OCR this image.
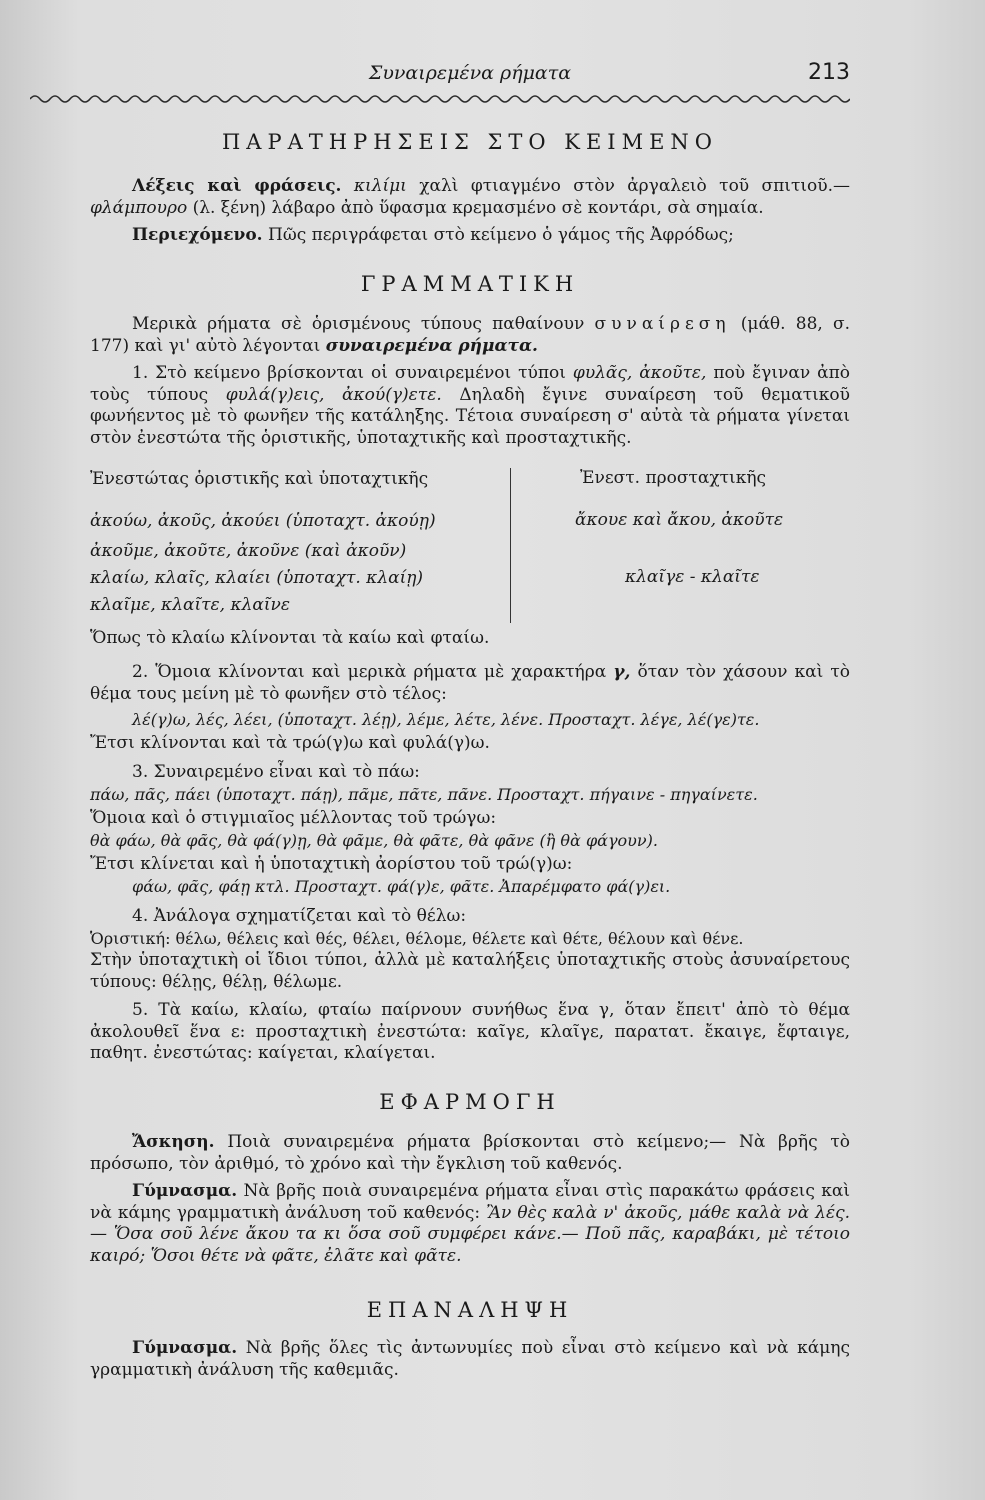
Συναιρεμένα ρήματα	213
ΠΑΡΑΤΗΡΗΣΕΙΣ ΣΤΟ ΚΕΙΜΕΝΟ

Λέξεις καὶ φράσεις. κιλίμι χαλὶ φτιαγμένο στὸν ἀργαλειὸ τοῦ σπιτιοῦ.— φλάμπουρο (λ. ξένη) λάβαρο ἀπὸ ὕφασμα κρεμασμένο σὲ κοντάρι, σὰ σημαία.

Περιεχόμενο. Πῶς περιγράφεται στὸ κείμενο ὁ γάμος τῆς Ἀφρόδως;

ΓΡΑΜΜΑΤΙΚΗ

Μερικὰ ρήματα σὲ ὁρισμένους τύπους παθαίνουν συναίρεση (μάθ. 88, σ. 177) καὶ γι' αὐτὸ λέγονται συναιρεμένα ρήματα.

1. Στὸ κείμενο βρίσκονται οἱ συναιρεμένοι τύποι φυλᾶς, ἀκοῦτε, ποὺ ἔγιναν ἀπὸ τοὺς τύπους φυλά(γ)εις, ἀκού(γ)ετε. Δηλαδὴ ἔγινε συναίρεση τοῦ θεματικοῦ φωνήεντος μὲ τὸ φωνῆεν τῆς κατάληξης. Τέτοια συναίρεση σ' αὐτὰ τὰ ρήματα γίνεται στὸν ἐνεστώτα τῆς ὁριστικῆς, ὑποταχτικῆς καὶ προσταχτικῆς.

Ἐνεστώτας ὁριστικῆς καὶ ὑποταχτικῆς
ἀκούω, ἀκοῦς, ἀκούει (ὑποταχτ. ἀκούῃ)
ἀκοῦμε, ἀκοῦτε, ἀκοῦνε (καὶ ἀκοῦν)
κλαίω, κλαῖς, κλαίει (ὑποταχτ. κλαίῃ)
κλαῖμε, κλαῖτε, κλαῖνε
Ἐνεστ. προσταχτικῆς
ἄκουε καὶ ἄκου, ἀκοῦτε
κλαῖγε - κλαῖτε
Ὅπως τὸ κλαίω κλίνονται τὰ καίω καὶ φταίω.

2. Ὅμοια κλίνονται καὶ μερικὰ ρήματα μὲ χαρακτήρα γ, ὅταν τὸν χάσουν καὶ τὸ θέμα τους μείνη μὲ τὸ φωνῆεν στὸ τέλος:

λέ(γ)ω, λές, λέει, (ὑποταχτ. λέῃ), λέμε, λέτε, λένε. Προσταχτ. λέγε, λέ(γε)τε.
Ἔτσι κλίνονται καὶ τὰ τρώ(γ)ω καὶ φυλά(γ)ω.
3. Συναιρεμένο εἶναι καὶ τὸ πάω:
πάω, πᾶς, πάει (ὑποταχτ. πάῃ), πᾶμε, πᾶτε, πᾶνε. Προσταχτ. πήγαινε - πηγαίνετε.
Ὅμοια καὶ ὁ στιγμιαῖος μέλλοντας τοῦ τρώγω:
θὰ φάω, θὰ φᾶς, θὰ φά(γ)ῃ, θὰ φᾶμε, θὰ φᾶτε, θὰ φᾶνε (ἢ θὰ φάγουν).
Ἔτσι κλίνεται καὶ ἡ ὑποταχτικὴ ἀορίστου τοῦ τρώ(γ)ω:
φάω, φᾶς, φάῃ κτλ. Προσταχτ. φά(γ)ε, φᾶτε. Ἀπαρέμφατο φά(γ)ει.
4. Ἀνάλογα σχηματίζεται καὶ τὸ θέλω:
Ὁριστική: θέλω, θέλεις καὶ θές, θέλει, θέλομε, θέλετε καὶ θέτε, θέλουν καὶ θένε.

Στὴν ὑποταχτικὴ οἱ ἴδιοι τύποι, ἀλλὰ μὲ καταλήξεις ὑποταχτικῆς στοὺς ἀσυναίρετους τύπους: θέλῃς, θέλῃ, θέλωμε.

5. Τὰ καίω, κλαίω, φταίω παίρνουν συνήθως ἕνα γ, ὅταν ἔπειτ' ἀπὸ τὸ θέμα ἀκολουθεῖ ἕνα ε: προσταχτικὴ ἐνεστώτα: καῖγε, κλαῖγε, παρατατ. ἔκαιγε, ἔφταιγε, παθητ. ἐνεστώτας: καίγεται, κλαίγεται.

ΕΦΑΡΜΟΓΗ

Ἄσκηση. Ποιὰ συναιρεμένα ρήματα βρίσκονται στὸ κείμενο;— Νὰ βρῆς τὸ πρόσωπο, τὸν ἀριθμό, τὸ χρόνο καὶ τὴν ἔγκλιση τοῦ καθενός.

Γύμνασμα. Νὰ βρῆς ποιὰ συναιρεμένα ρήματα εἶναι στὶς παρακάτω φράσεις καὶ νὰ κάμης γραμματικὴ ἀνάλυση τοῦ καθενός: Ἂν θὲς καλὰ ν' ἀκοῦς, μάθε καλὰ νὰ λές.— Ὅσα σοῦ λένε ἄκου τα κι ὅσα σοῦ συμφέρει κάνε.— Ποῦ πᾶς, καραβάκι, μὲ τέτοιο καιρό; Ὅσοι θέτε νὰ φᾶτε, ἐλᾶτε καὶ φᾶτε.

ΕΠΑΝΑΛΗΨΗ

Γύμνασμα. Νὰ βρῆς ὅλες τὶς ἀντωνυμίες ποὺ εἶναι στὸ κείμενο καὶ νὰ κάμης γραμματικὴ ἀνάλυση τῆς καθεμιᾶς.
